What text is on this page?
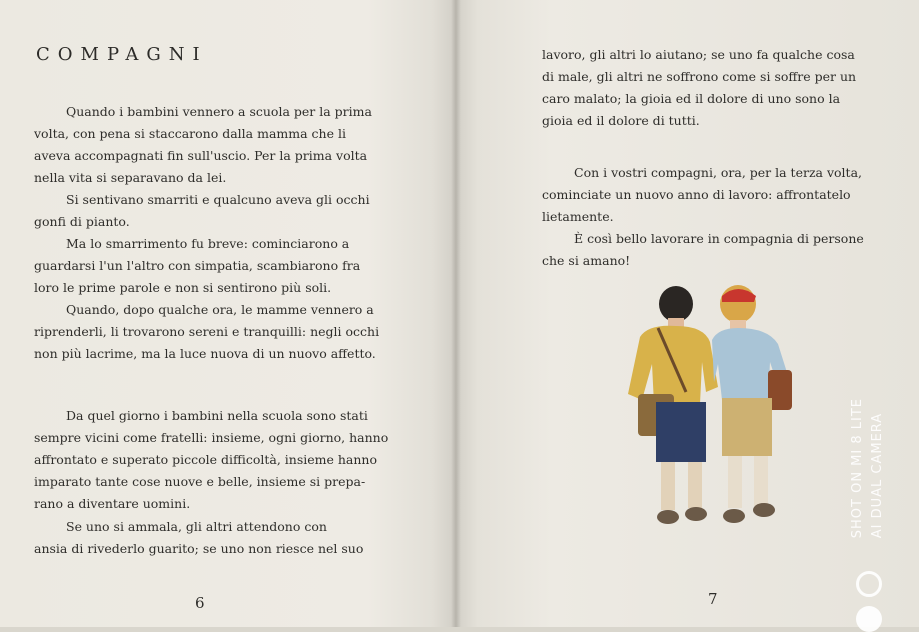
COMPAGNI

Quando i bambini vennero a scuola per la prima
volta, con pena si staccarono dalla mamma che li
aveva accompagnati fin sull'uscio. Per la prima volta
nella vita si separavano da lei.

Si sentivano smarriti e qualcuno aveva gli occhi
gonfi di pianto.

Ma lo smarrimento fu breve: cominciarono a
guardarsi l'un l'altro con simpatia, scambiarono fra
loro le prime parole e non si sentirono più soli.

Quando, dopo qualche ora, le mamme vennero a
riprenderli, li trovarono sereni e tranquilli: negli occhi
non più lacrime, ma la luce nuova di un nuovo affetto.

Da quel giorno i bambini nella scuola sono stati
sempre vicini come fratelli: insieme, ogni giorno, hanno
affrontato e superato piccole difficoltà, insieme hanno
imparato tante cose nuove e belle, insieme si prepa-
rano a diventare uomini.

Se uno si ammala, gli altri attendono con
ansia di rivederlo guarito; se uno non riesce nel suo

6

lavoro, gli altri lo aiutano; se uno fa qualche cosa
di male, gli altri ne soffrono come si soffre per un
caro malato; la gioia ed il dolore di uno sono la
gioia ed il dolore di tutti.

Con i vostri compagni, ora, per la terza volta,
cominciate un nuovo anno di lavoro: affrontatelo
lietamente.

È così bello lavorare in compagnia di persone
che si amano!

7
SHOT ON MI 8 LITE AI DUAL CAMERA
